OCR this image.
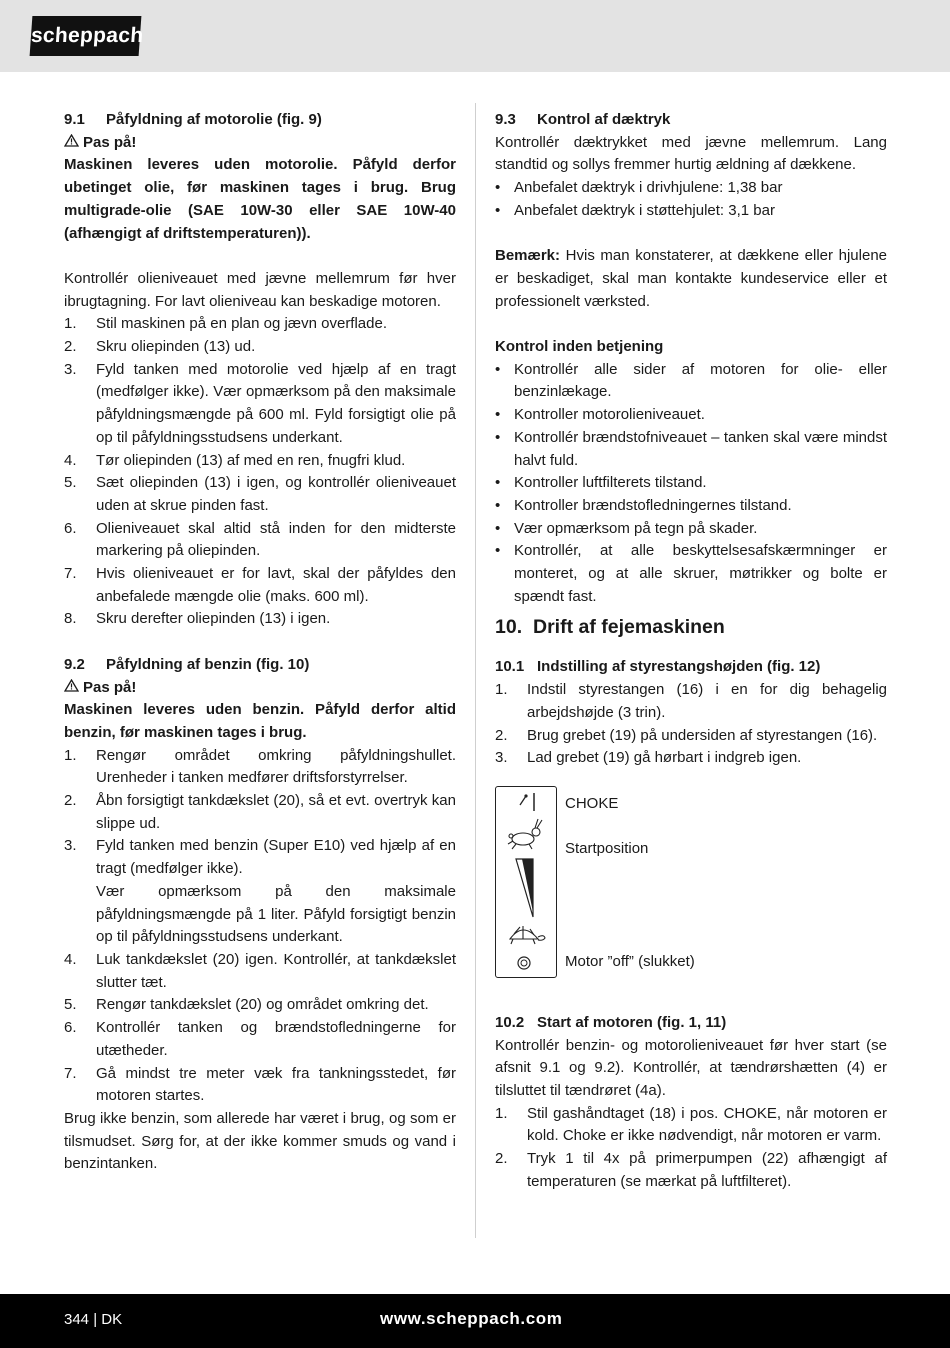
scheppach
9.1 Påfyldning af motorolie (fig. 9)
Pas på!

Maskinen leveres uden motorolie. Påfyld derfor ubetinget olie, før maskinen tages i brug. Brug multigrade-olie (SAE 10W-30 eller SAE 10W-40 (afhængigt af driftstemperaturen)).

Kontrollér olieniveauet med jævne mellemrum før hver ibrugtagning. For lavt olieniveau kan beskadige motoren.

1. Stil maskinen på en plan og jævn overflade.
2. Skru oliepinden (13) ud.
3. Fyld tanken med motorolie ved hjælp af en tragt (medfølger ikke). Vær opmærksom på den maksimale påfyldningsmængde på 600 ml. Fyld forsigtigt olie på op til påfyldningsstudsens underkant.
4. Tør oliepinden (13) af med en ren, fnugfri klud.
5. Sæt oliepinden (13) i igen, og kontrollér olieniveauet uden at skrue pinden fast.
6. Olieniveauet skal altid stå inden for den midterste markering på oliepinden.
7. Hvis olieniveauet er for lavt, skal der påfyldes den anbefalede mængde olie (maks. 600 ml).
8. Skru derefter oliepinden (13) i igen.
9.2 Påfyldning af benzin (fig. 10)
Pas på!

Maskinen leveres uden benzin. Påfyld derfor altid benzin, før maskinen tages i brug.

1. Rengør området omkring påfyldningshullet. Urenheder i tanken medfører driftsforstyrrelser.
2. Åbn forsigtigt tankdækslet (20), så et evt. overtryk kan slippe ud.
3. Fyld tanken med benzin (Super E10) ved hjælp af en tragt (medfølger ikke).
Vær opmærksom på den maksimale påfyldningsmængde på 1 liter. Påfyld forsigtigt benzin op til påfyldningsstudsens underkant.
4. Luk tankdækslet (20) igen. Kontrollér, at tankdækslet slutter tæt.
5. Rengør tankdækslet (20) og området omkring det.
6. Kontrollér tanken og brændstofledningerne for utætheder.
7. Gå mindst tre meter væk fra tankningsstedet, før motoren startes.

Brug ikke benzin, som allerede har været i brug, og som er tilsmudset. Sørg for, at der ikke kommer smuds og vand i benzintanken.

9.3 Kontrol af dæktryk

Kontrollér dæktrykket med jævne mellemrum. Lang standtid og sollys fremmer hurtig ældning af dækkene.

• Anbefalet dæktryk i drivhjulene: 1,38 bar
• Anbefalet dæktryk i støttehjulet: 3,1 bar

Bemærk: Hvis man konstaterer, at dækkene eller hjulene er beskadiget, skal man kontakte kundeservice eller et professionelt værksted.

Kontrol inden betjening
• Kontrollér alle sider af motoren for olie- eller benzinlækage.
• Kontroller motorolieniveauet.
• Kontrollér brændstofniveauet – tanken skal være mindst halvt fuld.
• Kontroller luftfilterets tilstand.
• Kontroller brændstofledningernes tilstand.
• Vær opmærksom på tegn på skader.
• Kontrollér, at alle beskyttelsesafskærmninger er monteret, og at alle skruer, møtrikker og bolte er spændt fast.
10. Drift af fejemaskinen
10.1 Indstilling af styrestangshøjden (fig. 12)
1. Indstil styrestangen (16) i en for dig behagelig arbejdshøjde (3 trin).
2. Brug grebet (19) på undersiden af styrestangen (16).
3. Lad grebet (19) gå hørbart i indgreb igen.
CHOKE
Startposition
Motor ”off” (slukket)
10.2 Start af motoren (fig. 1, 11)

Kontrollér benzin- og motorolieniveauet før hver start (se afsnit 9.1 og 9.2). Kontrollér, at tændrørshætten (4) er tilsluttet til tændrøret (4a).

1. Stil gashåndtaget (18) i pos. CHOKE, når motoren er kold. Choke er ikke nødvendigt, når motoren er varm.
2. Tryk 1 til 4x på primerpumpen (22) afhængigt af temperaturen (se mærkat på luftfilteret).
344 | DK	www.scheppach.com
